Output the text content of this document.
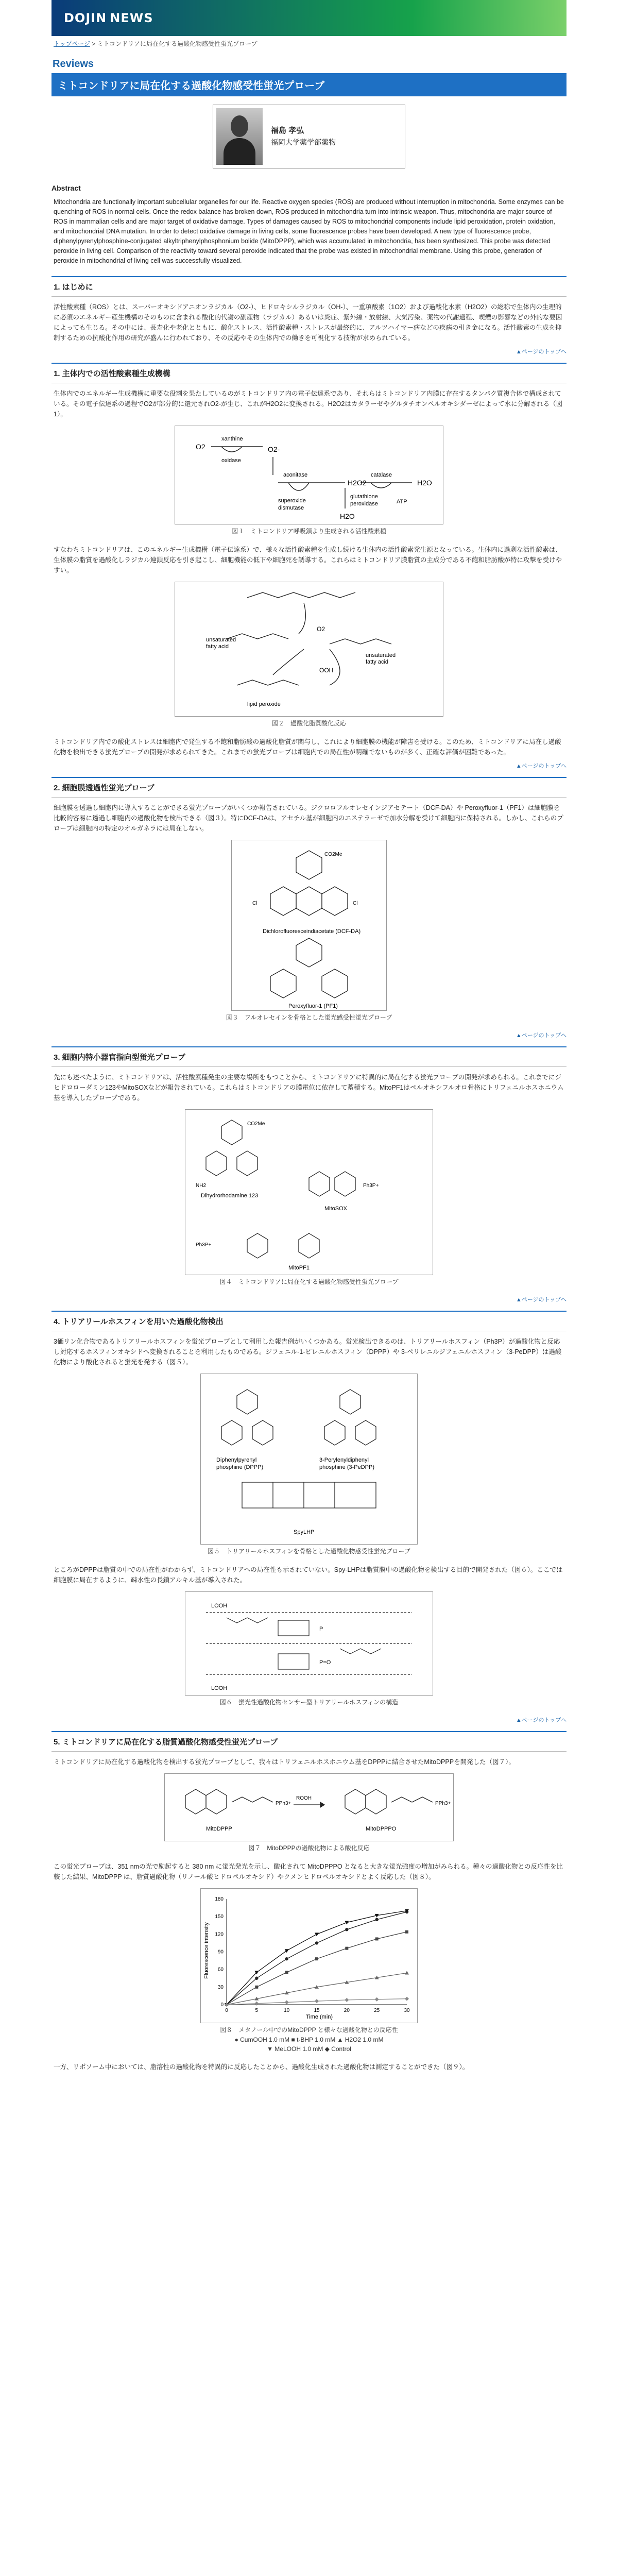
DOJIN NEWS
トップページ > ミトコンドリアに局在化する過酸化物感受性蛍光プローブ
Reviews
ミトコンドリアに局在化する過酸化物感受性蛍光プローブ
福島 孝弘
福岡大学薬学部薬物
Abstract

Mitochondria are functionally important subcellular organelles for our life. Reactive oxygen species (ROS) are produced without interruption in mitochondria. Some enzymes can be quenching of ROS in normal cells. Once the redox balance has broken down, ROS produced in mitochondria turn into intrinsic weapon. Thus, mitochondria are major source of ROS in mammalian cells and are major target of oxidative damage. Types of damages caused by ROS to mitochondrial components include lipid peroxidation, protein oxidation, and mitochondrial DNA mutation. In order to detect oxidative damage in living cells, some fluorescence probes have been developed. A new type of fluorescence probe, diphenylpyrenylphosphine-conjugated alkyltriphenylphosphonium bolide (MitoDPPP), which was accumulated in mitochondria, has been synthesized. This probe was detected peroxide in living cell. Comparison of the reactivity toward several peroxide indicated that the probe was existed in mitochondrial membrane. Using this probe, generation of peroxide in mitochondrial of living cell was successfully visualized.

1. はじめに

活性酸素種（ROS）とは、スーパーオキシドアニオンラジカル（O2-）、ヒドロキシルラジカル（OH-）、一重項酸素（1O2）および過酸化水素（H2O2）の総称で生体内の生理的に必須のエネルギー産生機構のそのものに含まれる酸化的代謝の副産物（ラジカル）あるいは炎症、紫外線・放射線、大気汚染、薬物の代謝過程、喫煙の影響などの外的な要因によっても生じる。その中には、長寿化や老化とともに、酸化ストレス、活性酸素種・ストレスが最終的に、アルツハイマー病などの疾病の引き金になる。活性酸素の生成を抑制するための抗酸化作用の研究が盛んに行われており、その反応やその生体内での働きを可視化する技術が求められている。

▲ページのトップへ
1. 主体内での活性酸素種生成機構

生体内でのエネルギー生成機構に重要な役割を果たしているのがミトコンドリア内の電子伝達系であり、それらはミトコンドリア内膜に存在するタンパク質複合体で構成されている。その電子伝達系の過程でO2が部分的に還元されO2-が生じ、これがH2O2に変換される。H2O2はカタラーゼやグルタチオンペルオキシダーゼによって水に分解される（図1）。

O2
xanthine
oxidase
O2-
aconitase
superoxide
dismutase
H2O2
catalase
H2O
glutathione
peroxidase	ATP
H2O
図１　ミトコンドリア呼吸鎖より生成される活性酸素種

すなわちミトコンドリアは、このエネルギー生成機構（電子伝達系）で、様々な活性酸素種を生成し続ける生体内の活性酸素発生源となっている。生体内に過剰な活性酸素は、生体膜の脂質を過酸化しラジカル連鎖反応を引き起こし、細胞機能の低下や細胞死を誘導する。これらはミトコンドリア膜脂質の主成分である不飽和脂肪酸が特に攻撃を受けやすい。

unsaturated
fatty acid
unsaturated
fatty acid
lipid peroxide
O2
OOH
図２　過酸化脂質酸化反応

ミトコンドリア内での酸化ストレスは細胞内で発生する不飽和脂肪酸の過酸化脂質が関与し、これにより細胞膜の機能が障害を受ける。このため、ミトコンドリアに局在し過酸化物を検出できる蛍光プローブの開発が求められてきた。これまでの蛍光プローブは細胞内での局在性が明確でないものが多く、正確な評価が困難であった。

▲ページのトップへ
2. 細胞膜透過性蛍光プローブ

細胞膜を透過し細胞内に導入することができる蛍光プローブがいくつか報告されている。ジクロロフルオレセインジアセテート（DCF-DA）や Peroxyfluor-1（PF1）は細胞膜を比較的容易に透過し細胞内の過酸化物を検出できる（図３）。特にDCF-DAは、アセチル基が細胞内のエステラーゼで加水分解を受けて細胞内に保持される。しかし、これらのプローブは細胞内の特定のオルガネラには局在しない。

CO2Me
Cl	Cl
Dichlorofluoresceindiacetate (DCF-DA)
Peroxyfluor-1 (PF1)
図３　フルオレセインを骨格とした蛍光感受性蛍光プローブ
▲ページのトップへ
3. 細胞内特小器官指向型蛍光プローブ

先にも述べたように、ミトコンドリアは、活性酸素種発生の主要な場所をもつことから、ミトコンドリアに特異的に局在化する蛍光プローブの開発が求められる。これまでにジヒドロローダミン123やMitoSOXなどが報告されている。これらはミトコンドリアの膜電位に依存して蓄積する。MitoPF1はペルオキシフルオロ骨格にトリフェニルホスホニウム基を導入したプローブである。

CO2Me
NH2
Dihydrorhodamine 123
Ph3P+
MitoSOX
Ph3P+
MitoPF1
図４　ミトコンドリアに局在化する過酸化物感受性蛍光プローブ
▲ページのトップへ
4. トリアリールホスフィンを用いた過酸化物検出

3価リン化合物であるトリアリールホスフィンを蛍光プローブとして利用した報告例がいくつかある。蛍光検出できるのは、トリアリールホスフィン（Ph3P）が過酸化物と反応し対応するホスフィンオキシドへ変換されることを利用したものである。ジフェニル-1-ピレニルホスフィン（DPPP）や 3-ペリレニルジフェニルホスフィン（3-PeDPP）は過酸化物により酸化されると蛍光を発する（図５）。

Diphenylpyrenyl
phosphine (DPPP)
3-Perylenyldiphenyl
phosphine (3-PeDPP)
SpyLHP
図５　トリアリールホスフィンを骨格とした過酸化物感受性蛍光プローブ

ところがDPPPは脂質の中での局在性がわからず、ミトコンドリアへの局在性も示されていない。Spy-LHPは脂質膜中の過酸化物を検出する目的で開発された（図６）。ここでは細胞膜に局在するように、疎水性の長鎖アルキル基が導入された。

LOOH
LOOH
P
P=O
図６　蛍光性過酸化物センサー型トリアリールホスフィンの構造
▲ページのトップへ
5. ミトコンドリアに局在化する脂質過酸化物感受性蛍光プローブ

ミトコンドリアに局在化する過酸化物を検出する蛍光プローブとして、我々はトリフェニルホスホニウム基をDPPPに結合させたMitoDPPPを開発した（図７）。

PPh3+
ROOH
PPh3+
MitoDPPP	MitoDPPPO
図７　MitoDPPPの過酸化物による酸化反応

この蛍光プローブは、351 nmの光で励起すると 380 nm に蛍光発光を示し、酸化されて MitoDPPPO となると大きな蛍光強度の増加がみられる。種々の過酸化物との反応性を比較した結果、MitoDPPP は、脂質過酸化物（リノール酸ヒドロペルオキシド）やクメンヒドロペルオキシドとよく反応した（図８）。

0	5	10	15	20	25	30
0
30
60
90
120
150
180
Time (min)
Fluorescence intensity
図８　メタノール中でのMitoDPPP と様々な過酸化物との反応性
● CumOOH 1.0 mM ■ t-BHP 1.0 mM ▲ H2O2 1.0 mM
▼ MeLOOH 1.0 mM ◆ Control

一方、リポソーム中においては、脂溶性の過酸化物を特異的に反応したことから、過酸化生成された過酸化物は測定することができた（図９）。
